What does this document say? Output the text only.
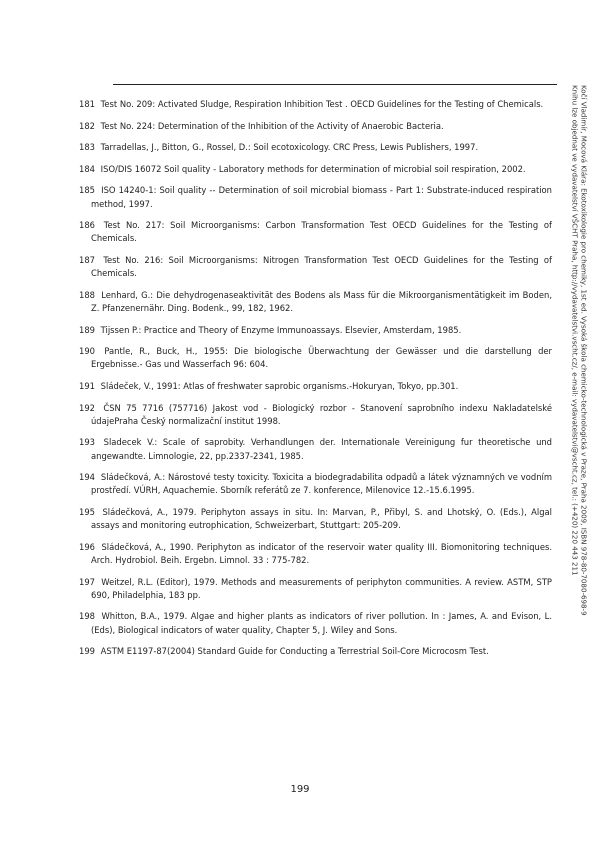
181 Test No. 209: Activated Sludge, Respiration Inhibition Test . OECD Guidelines for the Testing of Chemicals.
182 Test No. 224: Determination of the Inhibition of the Activity of Anaerobic Bacteria.
183 Tarradellas, J., Bitton, G., Rossel, D.: Soil ecotoxicology. CRC Press, Lewis Publishers, 1997.
184 ISO/DIS 16072 Soil quality - Laboratory methods for determination of microbial soil respiration, 2002.
185 ISO 14240-1: Soil quality -- Determination of soil microbial biomass - Part 1: Substrate-induced respiration method, 1997.
186 Test No. 217: Soil Microorganisms: Carbon Transformation Test OECD Guidelines for the Testing of Chemicals.
187 Test No. 216: Soil Microorganisms: Nitrogen Transformation Test OECD Guidelines for the Testing of Chemicals.
188 Lenhard, G.: Die dehydrogenaseaktivität des Bodens als Mass für die Mikroorganismentätigkeit im Boden, Z. Pfanzenernähr. Ding. Bodenk., 99, 182, 1962.
189 Tijssen P.: Practice and Theory of Enzyme Immunoassays. Elsevier, Amsterdam, 1985.
190 Pantle, R., Buck, H., 1955: Die biologische Überwachtung der Gewässer und die darstellung der Ergebnisse.- Gas und Wasserfach 96: 604.
191 Sládeček, V., 1991: Atlas of freshwater saprobic organisms.-Hokuryan, Tokyo, pp.301.
192 ČSN 75 7716 (757716) Jakost vod - Biologický rozbor - Stanovení saprobního indexu Nakladatelské údajePraha Český normalizační institut 1998.
193 Sladecek V.: Scale of saprobity. Verhandlungen der. Internationale Vereinigung fur theoretische und angewandte. Limnologie, 22, pp.2337-2341, 1985.
194 Sládečková, A.: Nárostové testy toxicity. Toxicita a biodegradabilita odpadů a látek významných ve vodním prostředí. VÚRH, Aquachemie. Sborník referátů ze 7. konference, Milenovice 12.-15.6.1995.
195 Sládečková, A., 1979. Periphyton assays in situ. In: Marvan, P., Přibyl, S. and Lhotský, O. (Eds.), Algal assays and monitoring eutrophication, Schweizerbart, Stuttgart: 205-209.
196 Sládečková, A., 1990. Periphyton as indicator of the reservoir water quality III. Biomonitoring techniques. Arch. Hydrobiol. Beih. Ergebn. Limnol. 33 : 775-782.
197 Weitzel, R.L. (Editor), 1979. Methods and measurements of periphyton communities. A review. ASTM, STP 690, Philadelphia, 183 pp.
198 Whitton, B.A., 1979. Algae and higher plants as indicators of river pollution. In : James, A. and Evison, L. (Eds), Biological indicators of water quality, Chapter 5, J. Wiley and Sons.
199 ASTM E1197-87(2004) Standard Guide for Conducting a Terrestrial Soil-Core Microcosm Test.
Kočí Vladimír, Mocová Klára: Ekotoxikologie pro chemiky, 1st ed. Vysoká škola chemicko-technologická v Praze, Praha 2009, ISBN 978-80-7080-698-9
Knihu lze objednat ve vydavatelství VŠCHT Praha, http://vydavatelstvi.vscht.cz/, e-mail: vydavatelstvi@vscht.cz, tel.: (+420) 220 443 211
199
